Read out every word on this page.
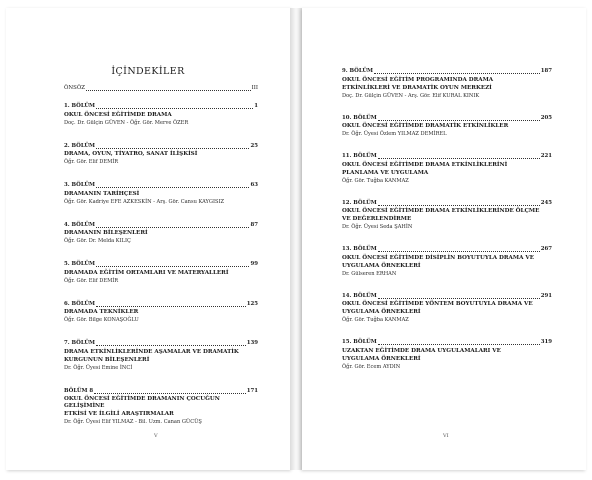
İÇİNDEKİLER
ÖNSÖZ	III
1. BÖLÜM	1
OKUL ÖNCESİ EĞİTİMDE DRAMA
Doç. Dr. Gülçin GÜVEN - Öğr. Gör. Merve ÖZER
2. BÖLÜM	25
DRAMA, OYUN, TİYATRO, SANAT İLİŞKİSİ
Öğr. Gör. Elif DEMİR
3. BÖLÜM	63
DRAMANIN TARİHÇESİ
Öğr. Gör. Kadriye EFE AZKESKİN - Arş. Gör. Cansu KAYGISIZ
4. BÖLÜM	87
DRAMANIN BİLEŞENLERİ
Öğr. Gör. Dr. Melda KILIÇ
5. BÖLÜM	99
DRAMADA EĞİTİM ORTAMLARI VE MATERYALLERİ
Öğr. Gör. Elif DEMİR
6. BÖLÜM	125
DRAMADA TEKNİKLER
Öğr. Gör. Bilge KONAŞOĞLU
7. BÖLÜM	139
DRAMA ETKİNLİKLERİNDE AŞAMALAR VE DRAMATİK
KURGUNUN BİLEŞENLERİ
Dr. Öğr. Üyesi Emine İNCİ
BÖLÜM 8	171
OKUL ÖNCESİ EĞİTİMDE DRAMANIN ÇOCUĞUN GELİŞİMİNE
ETKİSİ VE İLGİLİ ARAŞTIRMALAR
Dr. Öğr. Üyesi Elif YILMAZ - Bil. Uzm. Canan GÜCÜŞ
V
9. BÖLÜM	187
OKUL ÖNCESİ EĞİTİM PROGRAMINDA DRAMA
ETKİNLİKLERİ VE DRAMATİK OYUN MERKEZİ
Doç. Dr. Gülçin GÜVEN - Arş. Gör. Elif KURAL KINIK
10. BÖLÜM	205
OKUL ÖNCESİ EĞİTİMDE DRAMATİK ETKİNLİKLER
Dr. Öğr. Üyesi Özlem YILMAZ DEMİREL
11. BÖLÜM	221
OKUL ÖNCESİ EĞİTİMDE DRAMA ETKİNLİKLERİNİ
PLANLAMA VE UYGULAMA
Öğr. Gör. Tuğba KANMAZ
12. BÖLÜM	245
OKUL ÖNCESİ EĞİTİMDE DRAMA ETKİNLİKLERİNDE ÖLÇME
VE DEĞERLENDİRME
Dr. Öğr. Üyesi Seda ŞAHİN
13. BÖLÜM	267
OKUL ÖNCESİ EĞİTİMDE DİSİPLİN BOYUTUYLA DRAMA VE
UYGULAMA ÖRNEKLERİ
Dr. Gülseren ERHAN
14. BÖLÜM	291
OKUL ÖNCESİ EĞİTİMDE YÖNTEM BOYUTUYLA DRAMA VE
UYGULAMA ÖRNEKLERİ
Öğr. Gör. Tuğba KANMAZ
15. BÖLÜM	319
UZAKTAN EĞİTİMDE DRAMA UYGULAMALARI VE
UYGULAMA ÖRNEKLERİ
Öğr. Gör. Ecem AYDIN
VI
